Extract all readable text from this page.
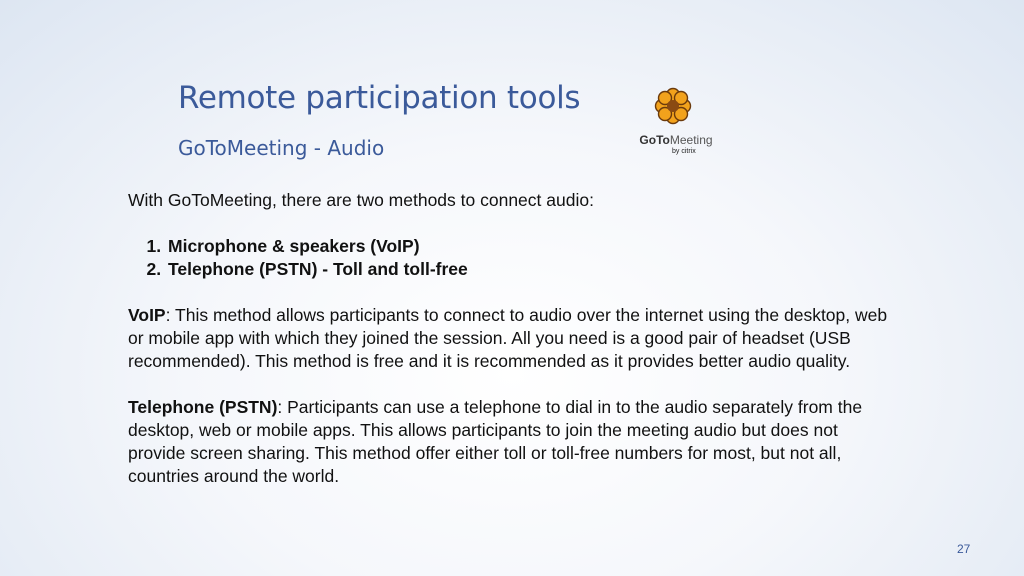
Remote participation tools
GoToMeeting - Audio	GoToMeeting
by citrix

With GoToMeeting, there are two methods to connect audio:

1. Microphone & speakers (VoIP)
2. Telephone (PSTN) - Toll and toll-free

VoIP: This method allows participants to connect to audio over the internet using the desktop, web or mobile app with which they joined the session. All you need is a good pair of headset (USB recommended). This method is free and it is recommended as it provides better audio quality.

Telephone (PSTN): Participants can use a telephone to dial in to the audio separately from the desktop, web or mobile apps. This allows participants to join the meeting audio but does not provide screen sharing. This method offer either toll or toll-free numbers for most, but not all, countries around the world.

27
